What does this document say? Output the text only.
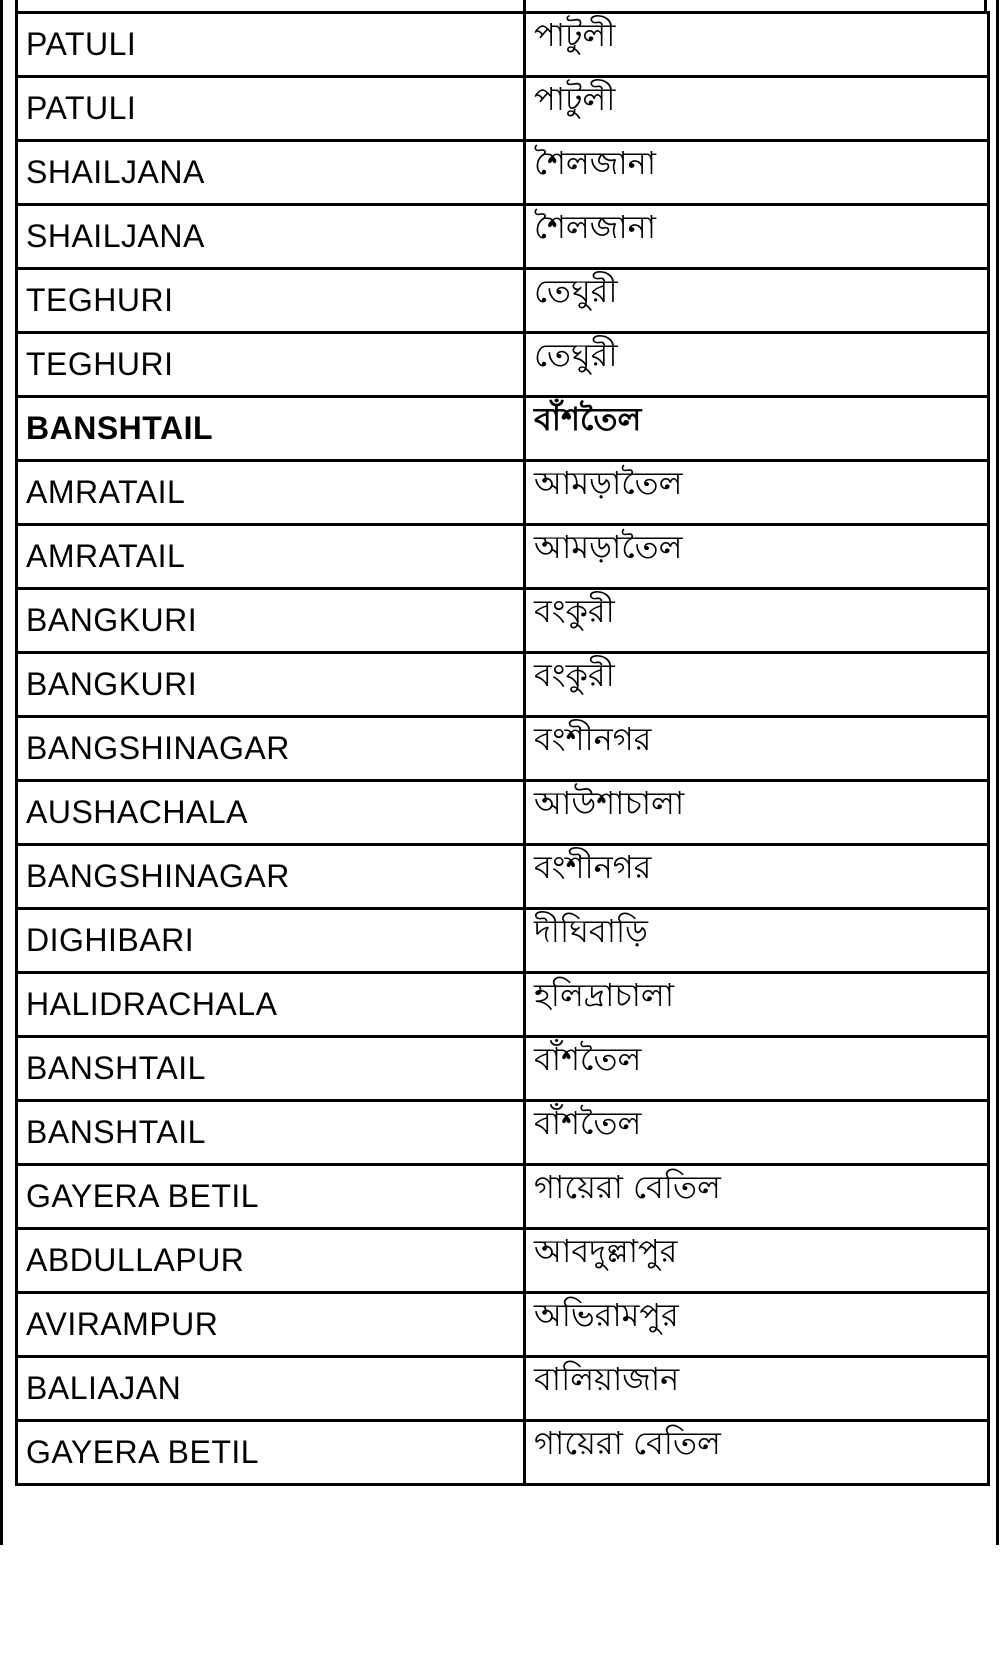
PATULI	পাটুলী
PATULI	পাটুলী
SHAILJANA	শৈলজানা
SHAILJANA	শৈলজানা
TEGHURI	তেঘুরী
TEGHURI	তেঘুরী
BANSHTAIL	বাঁশতৈল
AMRATAIL	আমড়াতৈল
AMRATAIL	আমড়াতৈল
BANGKURI	বংকুরী
BANGKURI	বংকুরী
BANGSHINAGAR	বংশীনগর
AUSHACHALA	আউশাচালা
BANGSHINAGAR	বংশীনগর
DIGHIBARI	দীঘিবাড়ি
HALIDRACHALA	হলিদ্রাচালা
BANSHTAIL	বাঁশতৈল
BANSHTAIL	বাঁশতৈল
GAYERA BETIL	গায়েরা বেতিল
ABDULLAPUR	আবদুল্লাপুর
AVIRAMPUR	অভিরামপুর
BALIAJAN	বালিয়াজান
GAYERA BETIL	গায়েরা বেতিল
